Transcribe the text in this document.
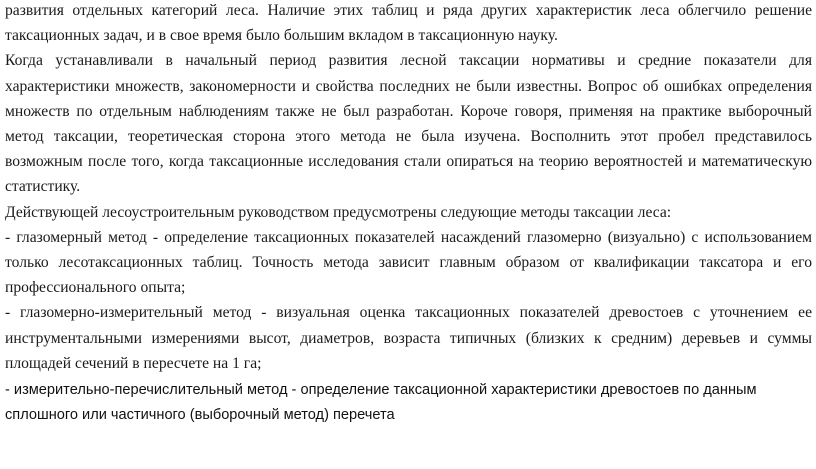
развития отдельных категорий леса. Наличие этих таблиц и ряда других характеристик леса облегчило решение таксационных задач, и в свое время было большим вкладом в таксационную науку.

Когда устанавливали в начальный период развития лесной таксации нормативы и средние показатели для характеристики множеств, закономерности и свойства последних не были известны. Вопрос об ошибках определения множеств по отдельным наблюдениям также не был разработан. Короче говоря, применяя на практике выборочный метод таксации, теоретическая сторона этого метода не была изучена. Восполнить этот пробел представилось возможным после того, когда таксационные исследования стали опираться на теорию вероятностей и математическую статистику.

Действующей лесоустроительным руководством предусмотрены следующие методы таксации леса:

- глазомерный метод - определение таксационных показателей насаждений глазомерно (визуально) с использованием только лесотаксационных таблиц. Точность метода зависит главным образом от квалификации таксатора и его профессионального опыта;

- глазомерно-измерительный метод - визуальная оценка таксационных показателей древостоев с уточнением ее инструментальными измерениями высот, диаметров, возраста типичных (близких к средним) деревьев и суммы площадей сечений в пересчете на 1 га;

- измерительно-перечислительный метод - определение таксационной характеристики древостоев по данным сплошного или частичного (выборочный метод) перечета
